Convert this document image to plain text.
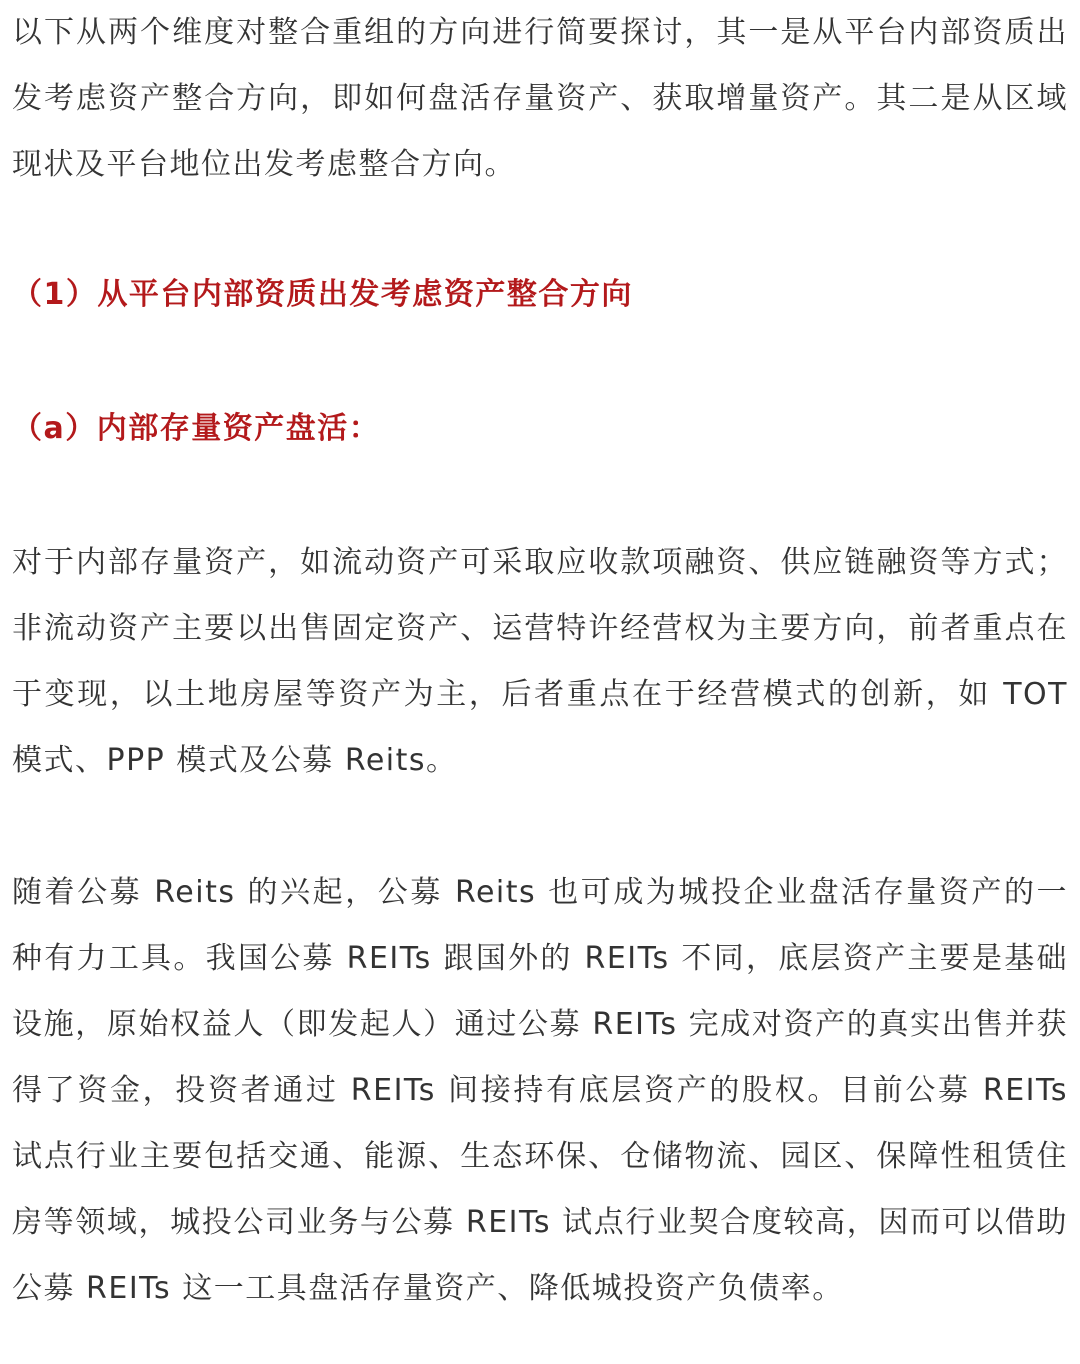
以下从两个维度对整合重组的方向进行简要探讨，其一是从平台内部资质出发考虑资产整合方向，即如何盘活存量资产、获取增量资产。其二是从区域现状及平台地位出发考虑整合方向。

（1）从平台内部资质出发考虑资产整合方向

（a）内部存量资产盘活：

对于内部存量资产，如流动资产可采取应收款项融资、供应链融资等方式；非流动资产主要以出售固定资产、运营特许经营权为主要方向，前者重点在于变现，以土地房屋等资产为主，后者重点在于经营模式的创新，如 TOT 模式、PPP 模式及公募 Reits。

随着公募 Reits 的兴起，公募 Reits 也可成为城投企业盘活存量资产的一种有力工具。我国公募 REITs 跟国外的 REITs 不同，底层资产主要是基础设施，原始权益人（即发起人）通过公募 REITs 完成对资产的真实出售并获得了资金，投资者通过 REITs 间接持有底层资产的股权。目前公募 REITs 试点行业主要包括交通、能源、生态环保、仓储物流、园区、保障性租赁住房等领域，城投公司业务与公募 REITs 试点行业契合度较高，因而可以借助公募 REITs 这一工具盘活存量资产、降低城投资产负债率。
